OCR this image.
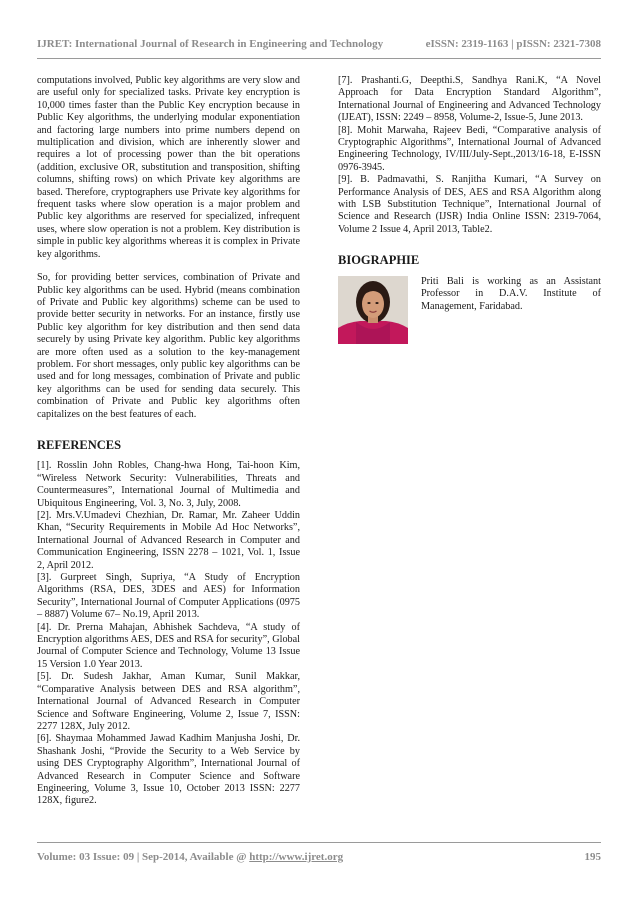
IJRET: International Journal of Research in Engineering and Technology	eISSN: 2319-1163 | pISSN: 2321-7308

computations involved, Public key algorithms are very slow and are useful only for specialized tasks. Private key encryption is 10,000 times faster than the Public Key encryption because in Public Key algorithms, the underlying modular exponentiation and factoring large numbers into prime numbers depend on multiplication and division, which are inherently slower and requires a lot of processing power than the bit operations (addition, exclusive OR, substitution and transposition, shifting columns, shifting rows) on which Private key algorithms are based. Therefore, cryptographers use Private key algorithms for frequent tasks where slow operation is a major problem and Public key algorithms are reserved for specialized, infrequent uses, where slow operation is not a problem. Key distribution is simple in public key algorithms whereas it is complex in Private key algorithms.

So, for providing better services, combination of Private and Public key algorithms can be used. Hybrid (means combination of Private and Public key algorithms) scheme can be used to provide better security in networks. For an instance, firstly use Public key algorithm for key distribution and then send data securely by using Private key algorithm. Public key algorithms are more often used as a solution to the key-management problem. For short messages, only public key algorithms can be used and for long messages, combination of Private and public key algorithms can be used for sending data securely. This combination of Private and Public key algorithms often capitalizes on the best features of each.

REFERENCES

[1]. Rosslin John Robles, Chang-hwa Hong, Tai-hoon Kim, “Wireless Network Security: Vulnerabilities, Threats and Countermeasures”, International Journal of Multimedia and Ubiquitous Engineering, Vol. 3, No. 3, July, 2008.

[2]. Mrs.V.Umadevi Chezhian, Dr. Ramar, Mr. Zaheer Uddin Khan, “Security Requirements in Mobile Ad Hoc Networks”, International Journal of Advanced Research in Computer and Communication Engineering, ISSN 2278 – 1021, Vol. 1, Issue 2, April 2012.

[3]. Gurpreet Singh, Supriya, “A Study of Encryption Algorithms (RSA, DES, 3DES and AES) for Information Security”, International Journal of Computer Applications (0975 – 8887) Volume 67– No.19, April 2013.

[4]. Dr. Prerna Mahajan, Abhishek Sachdeva, “A study of Encryption algorithms AES, DES and RSA for security”, Global Journal of Computer Science and Technology, Volume 13 Issue 15 Version 1.0 Year 2013.

[5]. Dr. Sudesh Jakhar, Aman Kumar, Sunil Makkar, “Comparative Analysis between DES and RSA algorithm”, International Journal of Advanced Research in Computer Science and Software Engineering, Volume 2, Issue 7, ISSN: 2277 128X, July 2012.

[6]. Shaymaa Mohammed Jawad Kadhim Manjusha Joshi, Dr. Shashank Joshi, “Provide the Security to a Web Service by using DES Cryptography Algorithm”, International Journal of Advanced Research in Computer Science and Software Engineering, Volume 3, Issue 10, October 2013 ISSN: 2277 128X, figure2.

[7]. Prashanti.G, Deepthi.S, Sandhya Rani.K, “A Novel Approach for Data Encryption Standard Algorithm”, International Journal of Engineering and Advanced Technology (IJEAT), ISSN: 2249 – 8958, Volume-2, Issue-5, June 2013.

[8]. Mohit Marwaha, Rajeev Bedi, “Comparative analysis of Cryptographic Algorithms”, International Journal of Advanced Engineering Technology, IV/III/July-Sept.,2013/16-18, E-ISSN 0976-3945.

[9]. B. Padmavathi, S. Ranjitha Kumari, “A Survey on Performance Analysis of DES, AES and RSA Algorithm along with LSB Substitution Technique”, International Journal of Science and Research (IJSR) India Online ISSN: 2319-7064, Volume 2 Issue 4, April 2013, Table2.

BIOGRAPHIE

Priti Bali is working as an Assistant Professor in D.A.V. Institute of Management, Faridabad.

Volume: 03 Issue: 09 | Sep-2014, Available @ http://www.ijret.org	195
